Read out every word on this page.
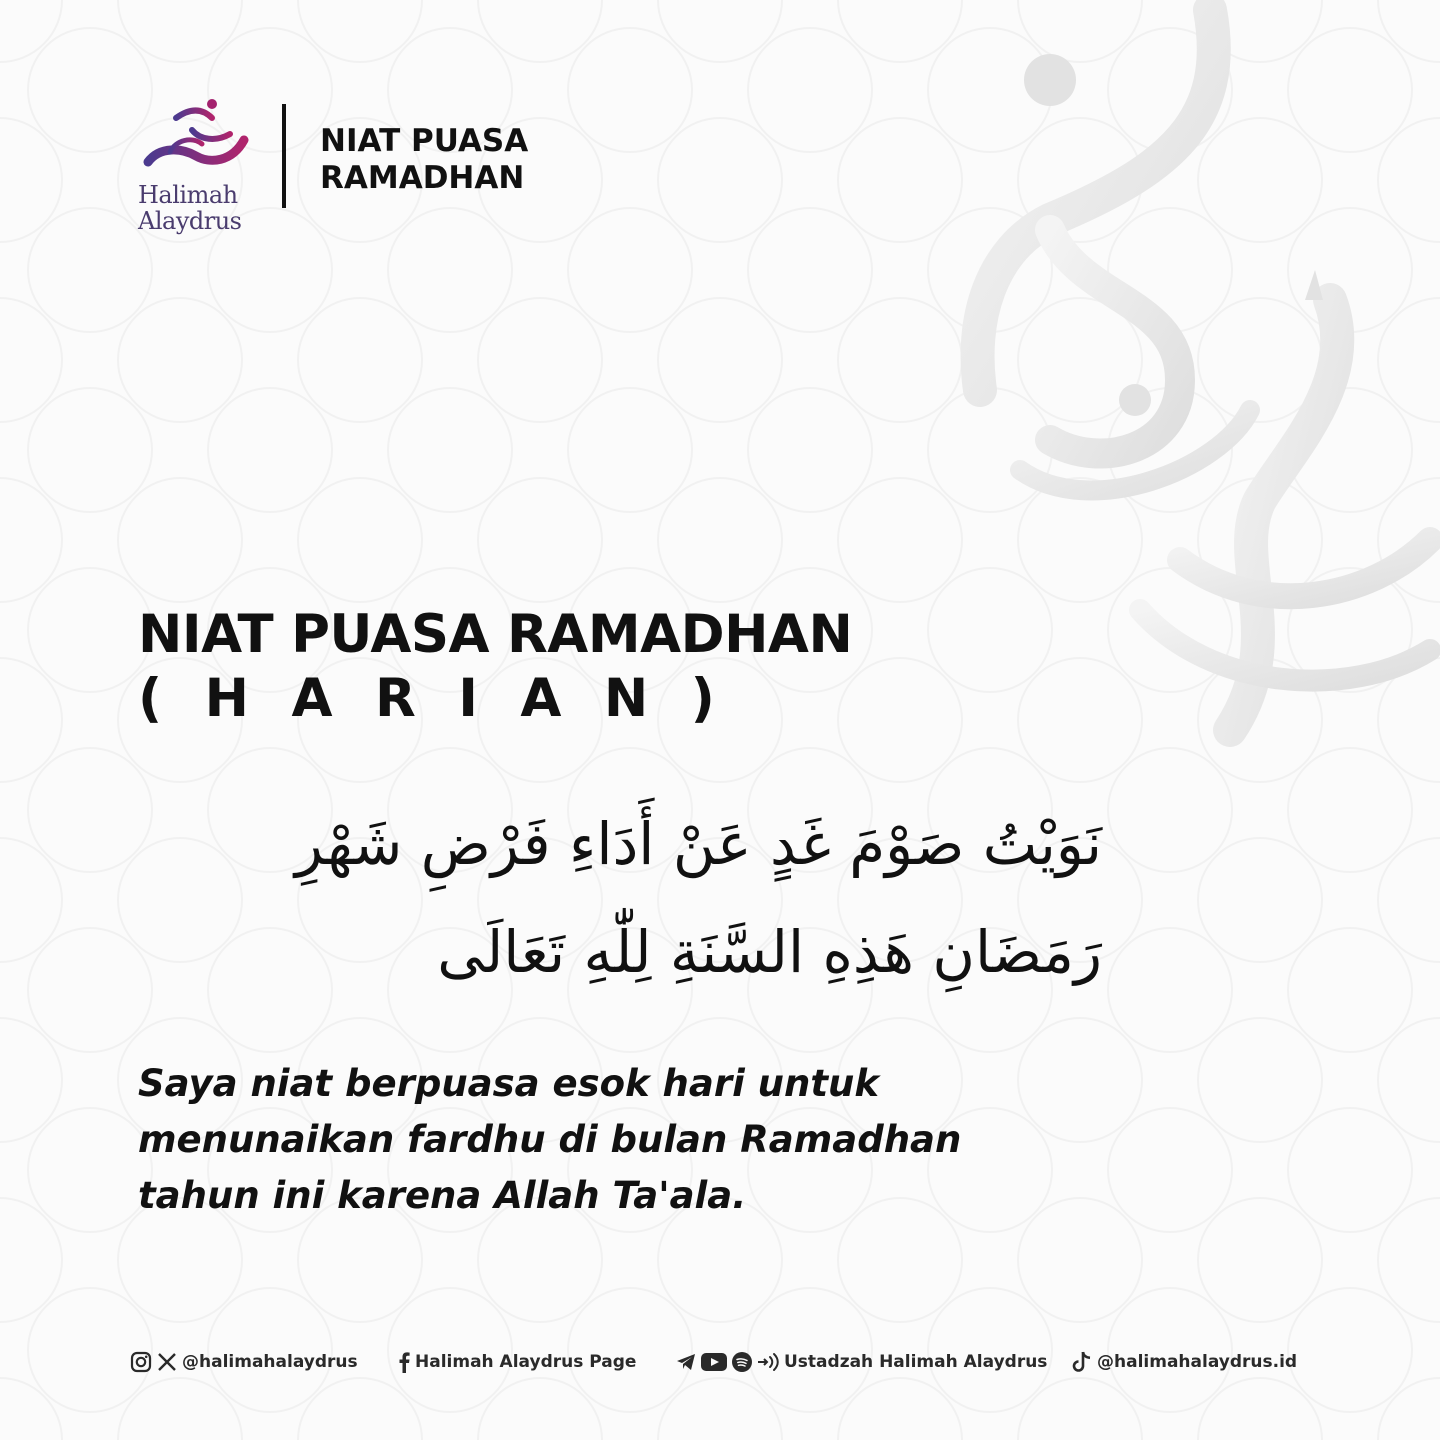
Halimah
Alaydrus
NIAT PUASA
RAMADHAN
NIAT PUASA RAMADHAN
( H A R I A N )
نَوَيْتُ صَوْمَ غَدٍ عَنْ أَدَاءِ فَرْضِ شَهْرِ
رَمَضَانِ هَذِهِ السَّنَةِ لِلّٰهِ تَعَالَى
Saya niat berpuasa esok hari untuk
menunaikan fardhu di bulan Ramadhan
tahun ini karena Allah Ta'ala.
@halimahalaydrus	Halimah Alaydrus Page	Ustadzah Halimah Alaydrus	@halimahalaydrus.id
